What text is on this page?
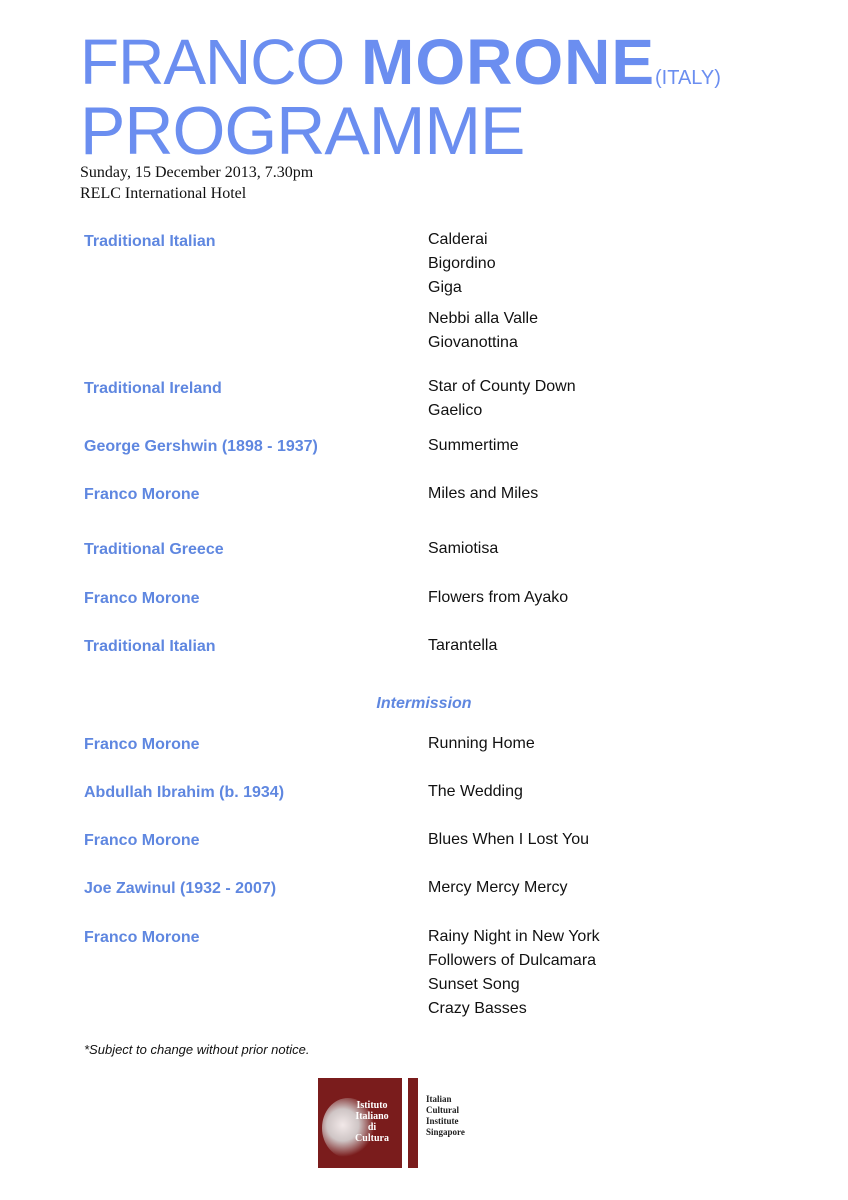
FRANCO MORONE(ITALY)
PROGRAMME

Sunday, 15 December 2013, 7.30pm

RELC International Hotel

Traditional Italian	Calderai
Bigordino
Giga
Nebbi alla Valle
Giovanottina
Traditional Ireland	Star of County Down
Gaelico
George Gershwin (1898 - 1937)	Summertime
Franco Morone	Miles and Miles
Traditional Greece	Samiotisa
Franco Morone	Flowers from Ayako
Traditional Italian	Tarantella
Intermission
Franco Morone	Running Home
Abdullah Ibrahim (b. 1934)	The Wedding
Franco Morone	Blues When I Lost You
Joe Zawinul (1932 - 2007)	Mercy Mercy Mercy
Franco Morone	Rainy Night in New York
Followers of Dulcamara
Sunset Song
Crazy Basses
*Subject to change without prior notice.
Istituto
Italiano
di
Cultura
Italian
Cultural
Institute
Singapore
